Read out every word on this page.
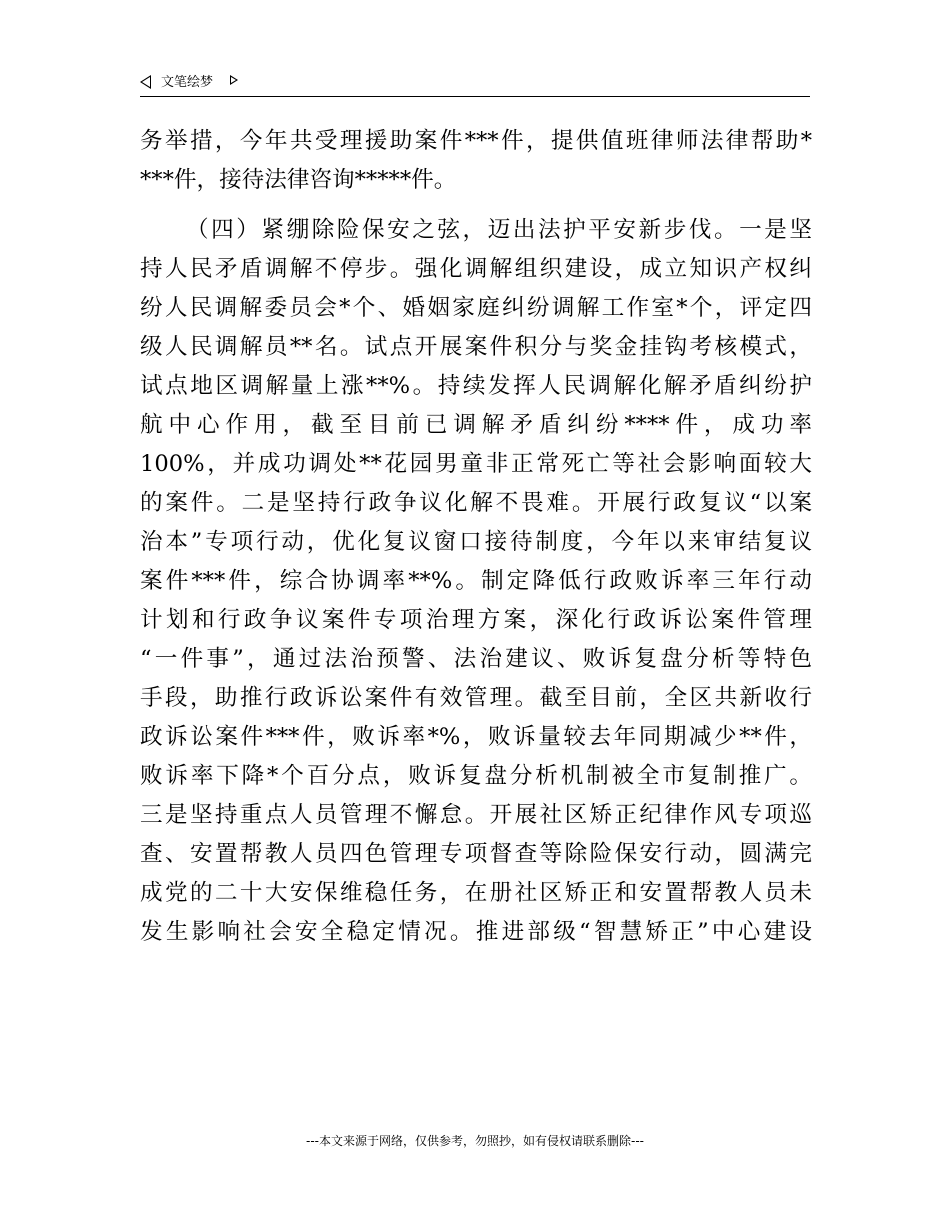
文笔绘梦
务举措，今年共受理援助案件***件，提供值班律师法律帮助*
***件，接待法律咨询*****件。
（四）紧绷除险保安之弦，迈出法护平安新步伐。一是坚
持人民矛盾调解不停步。强化调解组织建设，成立知识产权纠
纷人民调解委员会*个、婚姻家庭纠纷调解工作室*个，评定四
级人民调解员**名。试点开展案件积分与奖金挂钩考核模式，
试点地区调解量上涨**%。持续发挥人民调解化解矛盾纠纷护
航中心作用，截至目前已调解矛盾纠纷****件，成功率
100%，并成功调处**花园男童非正常死亡等社会影响面较大
的案件。二是坚持行政争议化解不畏难。开展行政复议“以案
治本”专项行动，优化复议窗口接待制度，今年以来审结复议
案件***件，综合协调率**%。制定降低行政败诉率三年行动
计划和行政争议案件专项治理方案，深化行政诉讼案件管理
“一件事”，通过法治预警、法治建议、败诉复盘分析等特色
手段，助推行政诉讼案件有效管理。截至目前，全区共新收行
政诉讼案件***件，败诉率*%，败诉量较去年同期减少**件，
败诉率下降*个百分点，败诉复盘分析机制被全市复制推广。
三是坚持重点人员管理不懈怠。开展社区矫正纪律作风专项巡
查、安置帮教人员四色管理专项督查等除险保安行动，圆满完
成党的二十大安保维稳任务，在册社区矫正和安置帮教人员未
发生影响社会安全稳定情况。推进部级“智慧矫正”中心建设
---本文来源于网络，仅供参考，勿照抄，如有侵权请联系删除---
